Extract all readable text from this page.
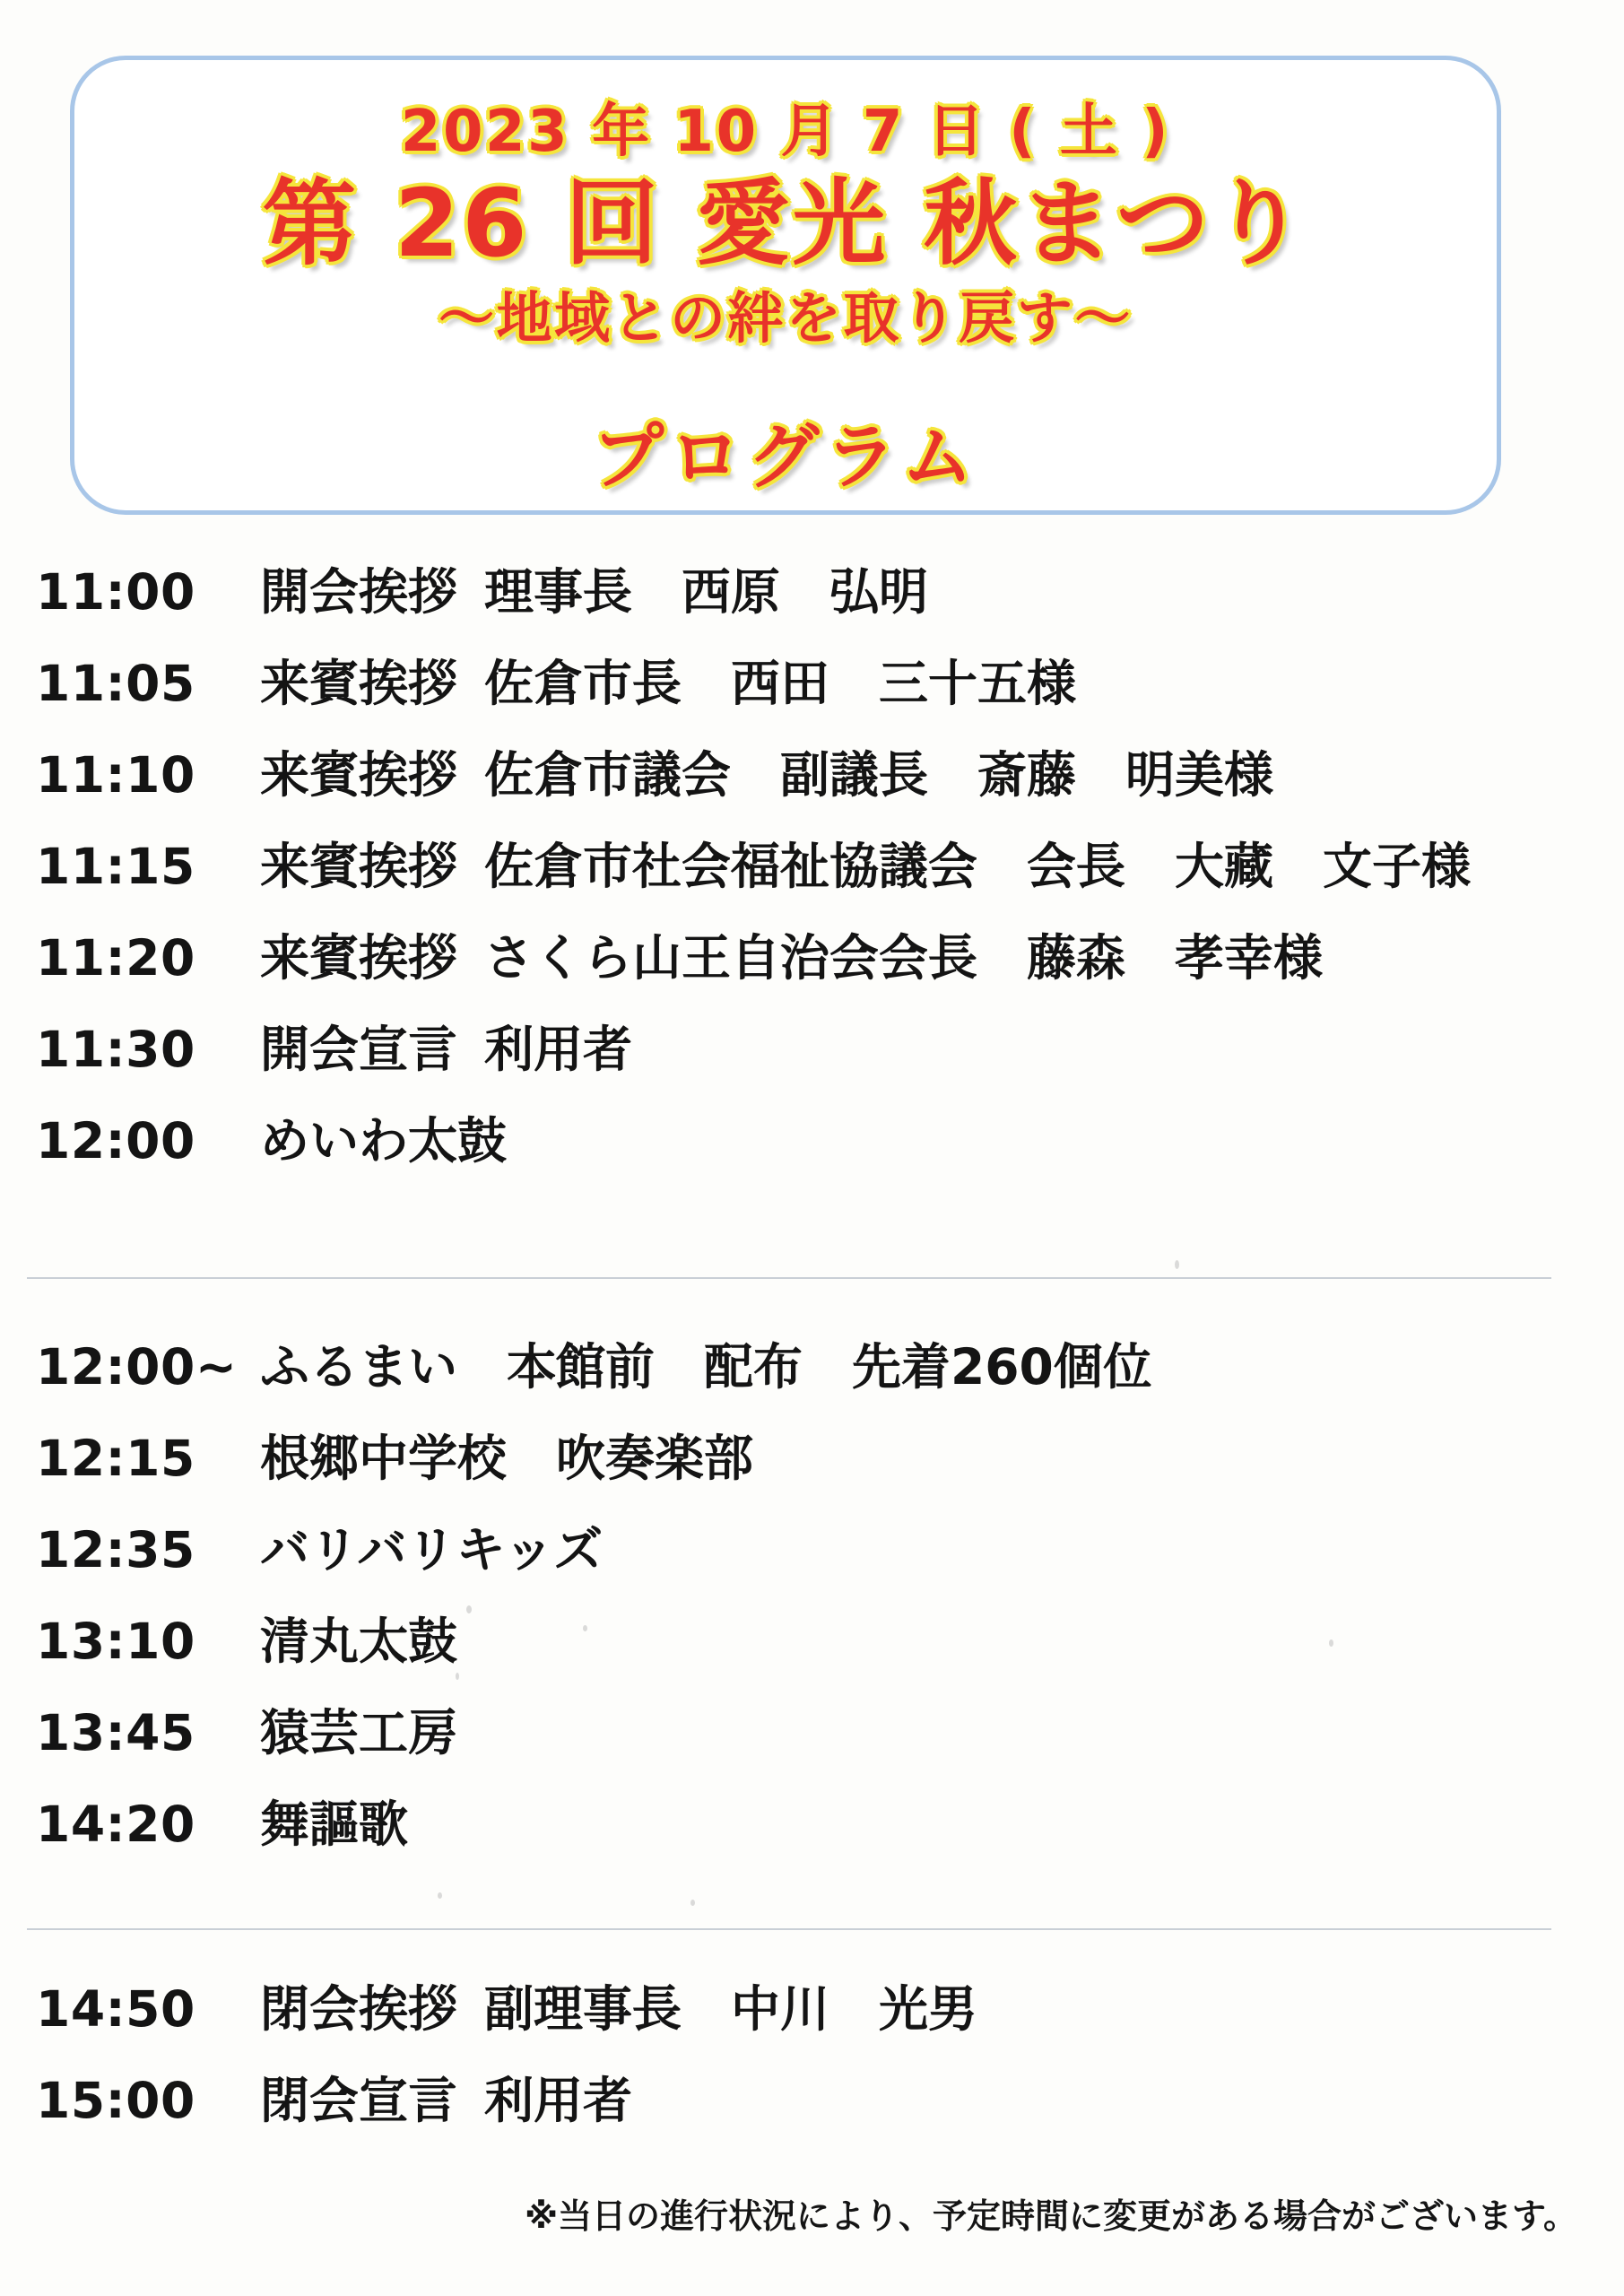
2023 年 10 月 7 日 ( 土 )
第 26 回 愛光 秋まつり
〜地域との絆を取り戻す〜
プログラム
11:00	開会挨拶 理事長　西原　弘明
11:05	来賓挨拶 佐倉市長　西田　三十五様
11:10	来賓挨拶 佐倉市議会　副議長　斎藤　明美様
11:15	来賓挨拶 佐倉市社会福祉協議会　会長　大藏　文子様
11:20	来賓挨拶 さくら山王自治会会長　藤森　孝幸様
11:30	開会宣言 利用者
12:00	めいわ太鼓
12:00~ ふるまい　本館前　配布　先着260個位
12:15	根郷中学校　吹奏楽部
12:35	バリバリキッズ
13:10	清丸太鼓
13:45	猿芸工房
14:20	舞謳歌
14:50	閉会挨拶 副理事長　中川　光男
15:00	閉会宣言 利用者
※当日の進行状況により、予定時間に変更がある場合がございます。
